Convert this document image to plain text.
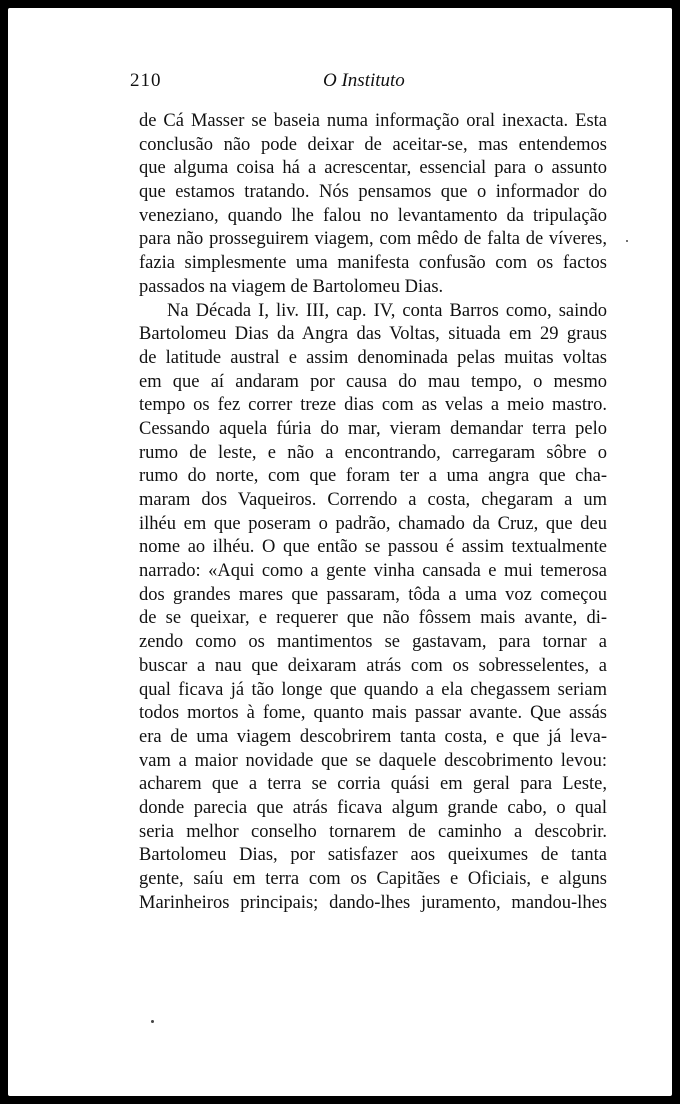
210	O Instituto
de Cá Masser se baseia numa informação oral inexacta. Esta
conclusão não pode deixar de aceitar-se, mas entendemos
que alguma coisa há a acrescentar, essencial para o assunto
que estamos tratando. Nós pensamos que o informador do
veneziano, quando lhe falou no levantamento da tripulação
para não prosseguirem viagem, com mêdo de falta de víveres,
fazia simplesmente uma manifesta confusão com os factos
passados na viagem de Bartolomeu Dias.
Na Década I, liv. III, cap. IV, conta Barros como, saindo
Bartolomeu Dias da Angra das Voltas, situada em 29 graus
de latitude austral e assim denominada pelas muitas voltas
em que aí andaram por causa do mau tempo, o mesmo
tempo os fez correr treze dias com as velas a meio mastro.
Cessando aquela fúria do mar, vieram demandar terra pelo
rumo de leste, e não a encontrando, carregaram sôbre o
rumo do norte, com que foram ter a uma angra que cha-
maram dos Vaqueiros. Correndo a costa, chegaram a um
ilhéu em que poseram o padrão, chamado da Cruz, que deu
nome ao ilhéu. O que então se passou é assim textualmente
narrado: «Aqui como a gente vinha cansada e mui temerosa
dos grandes mares que passaram, tôda a uma voz começou
de se queixar, e requerer que não fôssem mais avante, di-
zendo como os mantimentos se gastavam, para tornar a
buscar a nau que deixaram atrás com os sobresselentes, a
qual ficava já tão longe que quando a ela chegassem seriam
todos mortos à fome, quanto mais passar avante. Que assás
era de uma viagem descobrirem tanta costa, e que já leva-
vam a maior novidade que se daquele descobrimento levou:
acharem que a terra se corria quási em geral para Leste,
donde parecia que atrás ficava algum grande cabo, o qual
seria melhor conselho tornarem de caminho a descobrir.
Bartolomeu Dias, por satisfazer aos queixumes de tanta
gente, saíu em terra com os Capitães e Oficiais, e alguns
Marinheiros principais; dando-lhes juramento, mandou-lhes
